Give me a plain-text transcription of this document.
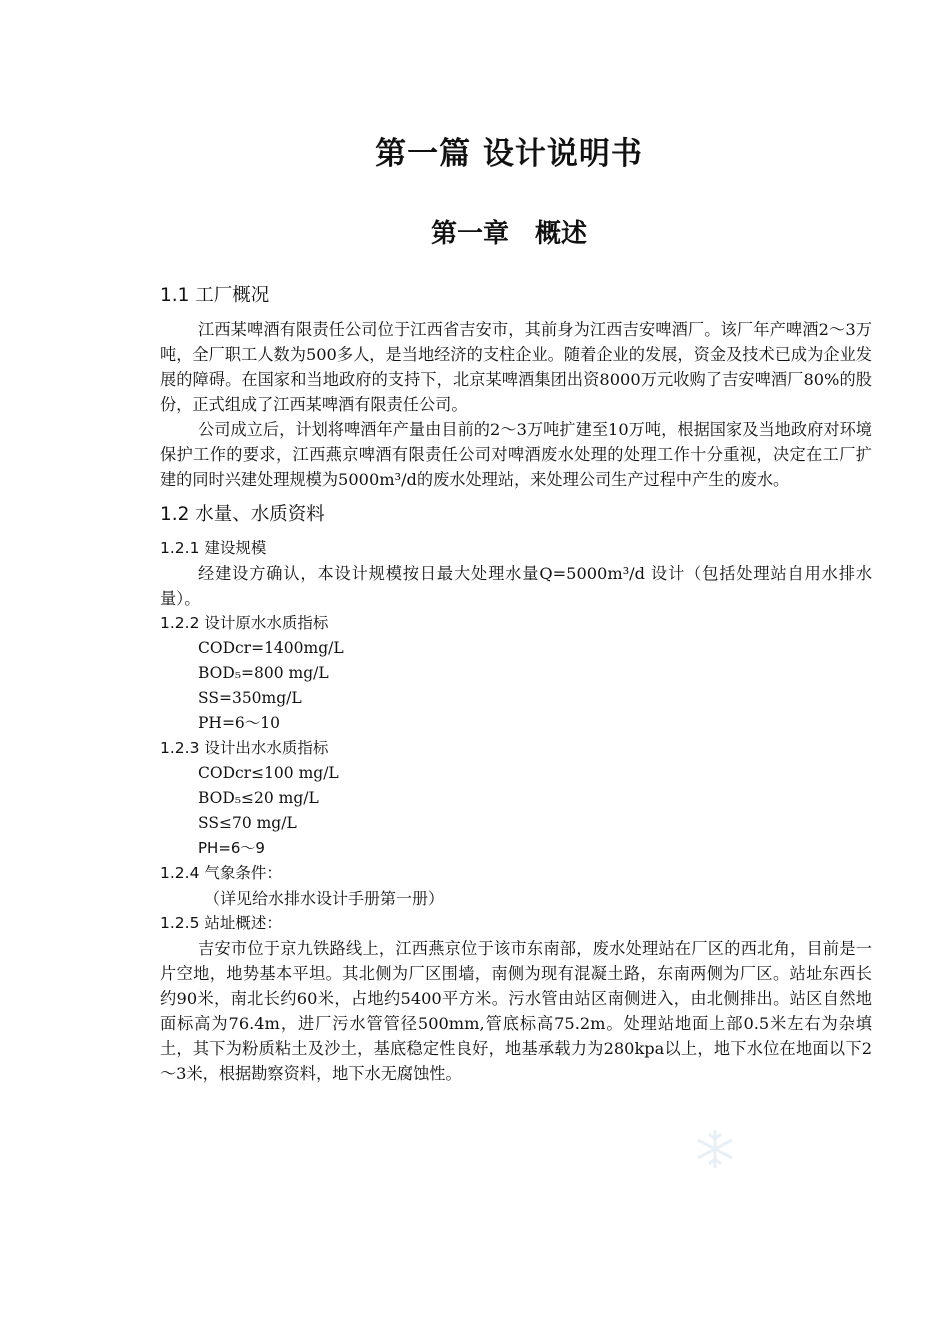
第一篇 设计说明书
第一章　概述
1.1 工厂概况

江西某啤酒有限责任公司位于江西省吉安市，其前身为江西吉安啤酒厂。该厂年产啤酒2～3万吨，全厂职工人数为500多人，是当地经济的支柱企业。随着企业的发展，资金及技术已成为企业发展的障碍。在国家和当地政府的支持下，北京某啤酒集团出资8000万元收购了吉安啤酒厂80%的股份，正式组成了江西某啤酒有限责任公司。

公司成立后，计划将啤酒年产量由目前的2～3万吨扩建至10万吨，根据国家及当地政府对环境保护工作的要求，江西燕京啤酒有限责任公司对啤酒废水处理的处理工作十分重视，决定在工厂扩建的同时兴建处理规模为5000m³/d的废水处理站，来处理公司生产过程中产生的废水。

1.2 水量、水质资料
1.2.1 建设规模

经建设方确认，本设计规模按日最大处理水量Q=5000m³/d 设计（包括处理站自用水排水量）。

1.2.2 设计原水水质指标

CODcr=1400mg/L

BOD₅=800 mg/L

SS=350mg/L

PH=6～10

1.2.3 设计出水水质指标

CODcr≤100 mg/L

BOD₅≤20 mg/L

SS≤70 mg/L

PH=6～9

1.2.4 气象条件：

（详见给水排水设计手册第一册）

1.2.5 站址概述：

吉安市位于京九铁路线上，江西燕京位于该市东南部，废水处理站在厂区的西北角，目前是一片空地，地势基本平坦。其北侧为厂区围墙，南侧为现有混凝土路，东南两侧为厂区。站址东西长约90米，南北长约60米，占地约5400平方米。污水管由站区南侧进入，由北侧排出。站区自然地面标高为76.4m，进厂污水管管径500mm,管底标高75.2m。处理站地面上部0.5米左右为杂填土，其下为粉质粘土及沙土，基底稳定性良好，地基承载力为280kpa以上，地下水位在地面以下2～3米，根据勘察资料，地下水无腐蚀性。
